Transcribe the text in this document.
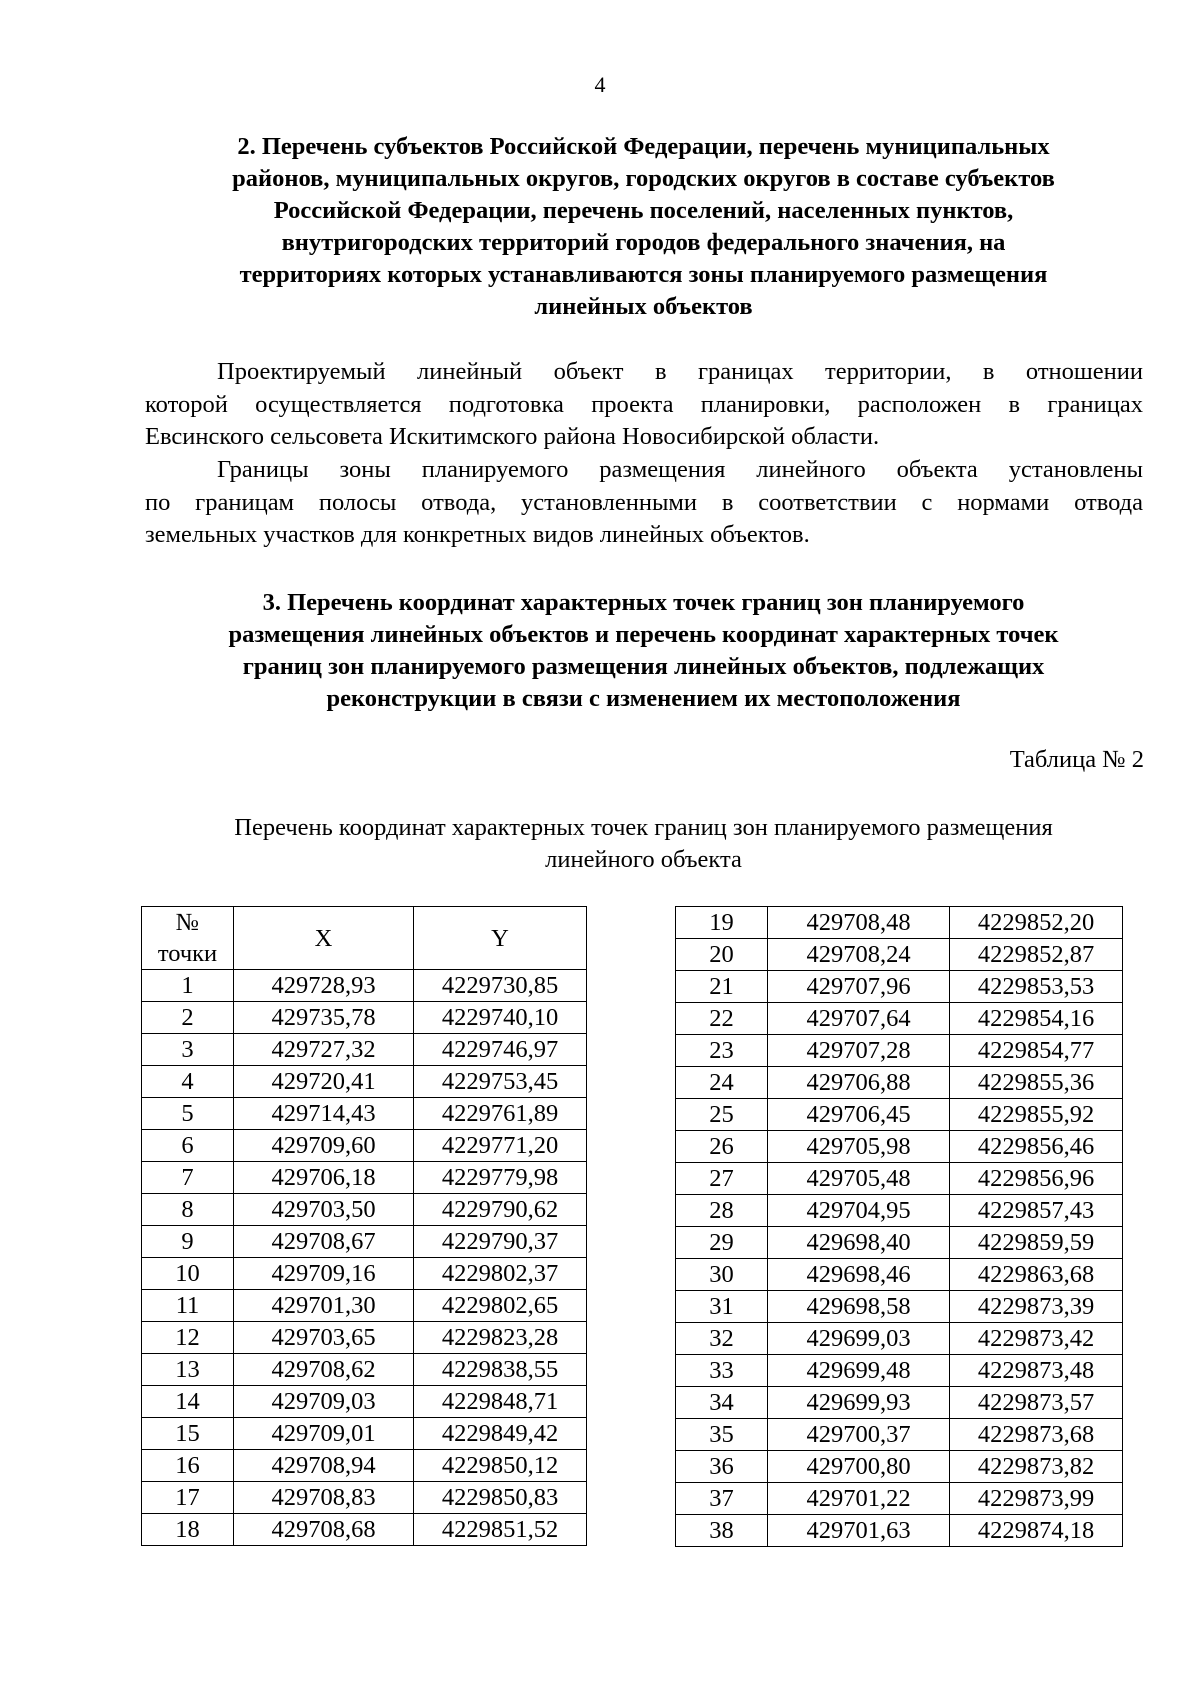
4
2. Перечень субъектов Российской Федерации, перечень муниципальных
районов, муниципальных округов, городских округов в составе субъектов
Российской Федерации, перечень поселений, населенных пунктов,
внутригородских территорий городов федерального значения, на
территориях которых устанавливаются зоны планируемого размещения
линейных объектов
Проектируемый линейный объект в границах территории, в отношении
которой осуществляется подготовка проекта планировки, расположен в границах
Евсинского сельсовета Искитимского района Новосибирской области.
Границы зоны планируемого размещения линейного объекта установлены
по границам полосы отвода, установленными в соответствии с нормами отвода
земельных участков для конкретных видов линейных объектов.
3. Перечень координат характерных точек границ зон планируемого
размещения линейных объектов и перечень координат характерных точек
границ зон планируемого размещения линейных объектов, подлежащих
реконструкции в связи с изменением их местоположения
Таблица № 2
Перечень координат характерных точек границ зон планируемого размещения
линейного объекта
№
точки	X	Y
1	429728,93	4229730,85
2	429735,78	4229740,10
3	429727,32	4229746,97
4	429720,41	4229753,45
5	429714,43	4229761,89
6	429709,60	4229771,20
7	429706,18	4229779,98
8	429703,50	4229790,62
9	429708,67	4229790,37
10	429709,16	4229802,37
11	429701,30	4229802,65
12	429703,65	4229823,28
13	429708,62	4229838,55
14	429709,03	4229848,71
15	429709,01	4229849,42
16	429708,94	4229850,12
17	429708,83	4229850,83
18	429708,68	4229851,52
19	429708,48	4229852,20
20	429708,24	4229852,87
21	429707,96	4229853,53
22	429707,64	4229854,16
23	429707,28	4229854,77
24	429706,88	4229855,36
25	429706,45	4229855,92
26	429705,98	4229856,46
27	429705,48	4229856,96
28	429704,95	4229857,43
29	429698,40	4229859,59
30	429698,46	4229863,68
31	429698,58	4229873,39
32	429699,03	4229873,42
33	429699,48	4229873,48
34	429699,93	4229873,57
35	429700,37	4229873,68
36	429700,80	4229873,82
37	429701,22	4229873,99
38	429701,63	4229874,18
